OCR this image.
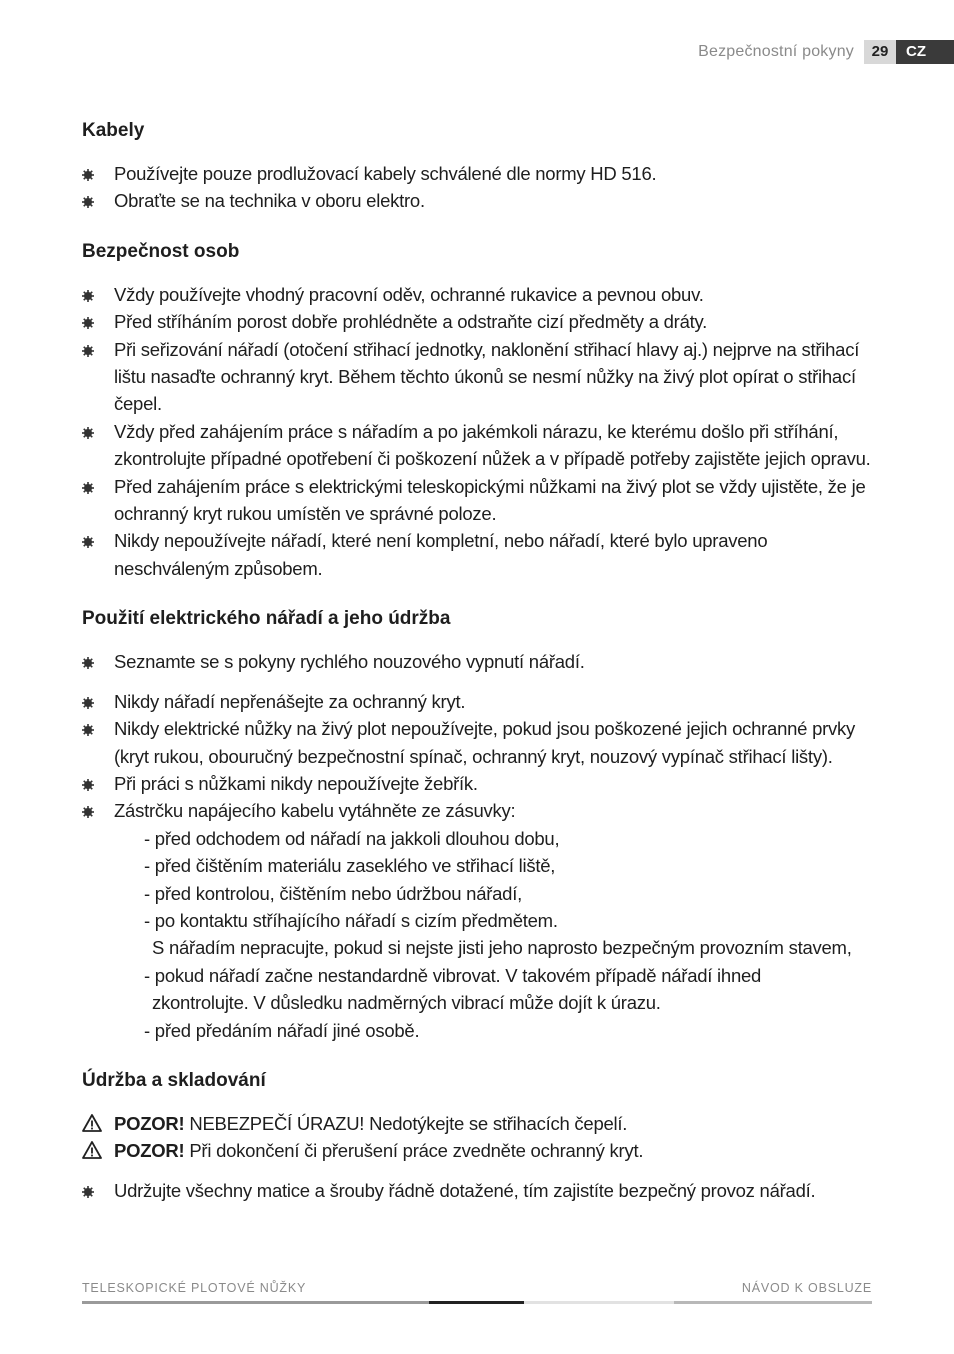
Bezpečnostní pokyny	29	CZ
Kabely
Používejte pouze prodlužovací kabely schválené dle normy HD 516.
Obraťte se na technika v oboru elektro.
Bezpečnost osob
Vždy používejte vhodný pracovní oděv, ochranné rukavice a pevnou obuv.
Před stříháním porost dobře prohlédněte a odstraňte cizí předměty a dráty.
Při seřizování nářadí (otočení střihací jednotky, naklonění střihací hlavy aj.) nejprve na střihací lištu nasaďte ochranný kryt. Během těchto úkonů se nesmí nůžky na živý plot opírat o střihací čepel.
Vždy před zahájením práce s nářadím a po jakémkoli nárazu, ke kterému došlo při stříhání, zkontrolujte případné opotřebení či poškození nůžek a v případě potřeby zajistěte jejich opravu.
Před zahájením práce s elektrickými teleskopickými nůžkami na živý plot se vždy ujistěte, že je ochranný kryt rukou umístěn ve správné poloze.
Nikdy nepoužívejte nářadí, které není kompletní, nebo nářadí, které bylo upraveno neschváleným způsobem.
Použití elektrického nářadí a jeho údržba
Seznamte se s pokyny rychlého nouzového vypnutí nářadí.
Nikdy nářadí nepřenášejte za ochranný kryt.
Nikdy elektrické nůžky na živý plot nepoužívejte, pokud jsou poškozené jejich ochranné prvky (kryt rukou, obouručný bezpečnostní spínač, ochranný kryt, nouzový vypínač střihací lišty).
Při práci s nůžkami nikdy nepoužívejte žebřík.
Zástrčku napájecího kabelu vytáhněte ze zásuvky:
- před odchodem od nářadí na jakkoli dlouhou dobu,
- před čištěním materiálu zaseklého ve střihací liště,
- před kontrolou, čištěním nebo údržbou nářadí,
- po kontaktu stříhajícího nářadí s cizím předmětem.
S nářadím nepracujte, pokud si nejste jisti jeho naprosto bezpečným provozním stavem,
- pokud nářadí začne nestandardně vibrovat. V takovém případě nářadí ihned
zkontrolujte. V důsledku nadměrných vibrací může dojít k úrazu.
- před předáním nářadí jiné osobě.
Údržba a skladování
POZOR! NEBEZPEČÍ ÚRAZU! Nedotýkejte se střihacích čepelí.
POZOR! Při dokončení či přerušení práce zvedněte ochranný kryt.
Udržujte všechny matice a šrouby řádně dotažené, tím zajistíte bezpečný provoz nářadí.
TELESKOPICKÉ PLOTOVÉ NŮŽKY	NÁVOD K OBSLUZE
